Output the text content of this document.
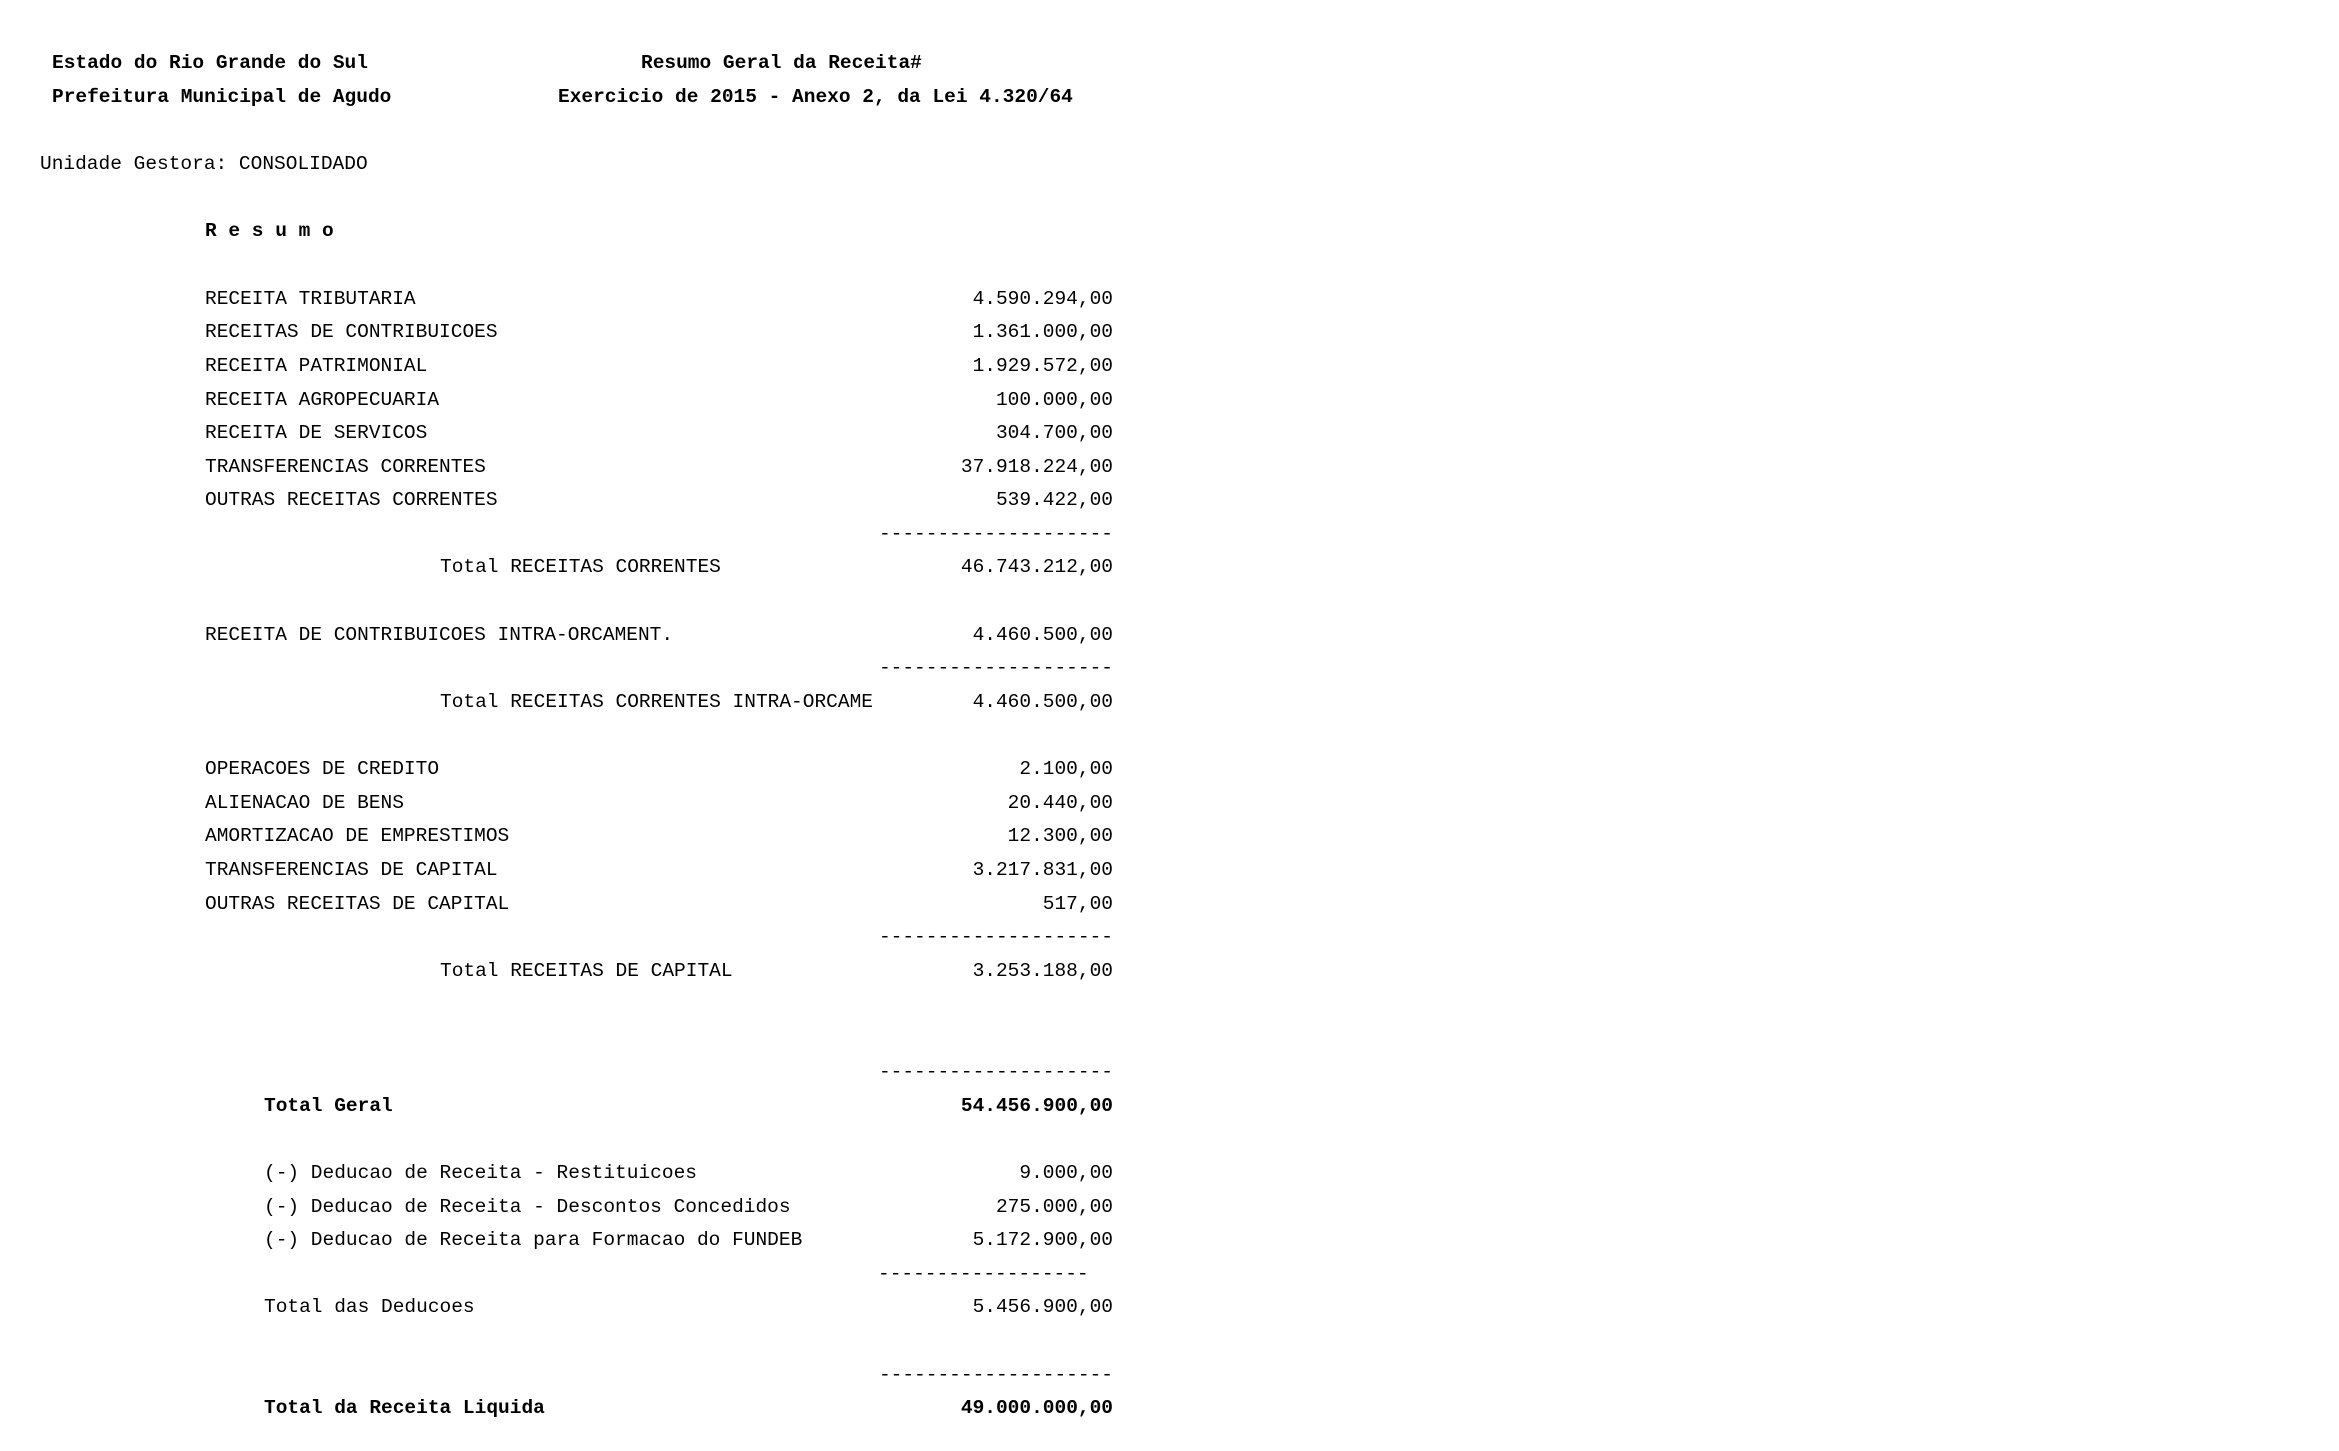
Estado do Rio Grande do Sul
Prefeitura Municipal de Agudo
Resumo Geral da Receita#
Exercicio de 2015 - Anexo 2, da Lei 4.320/64
Unidade Gestora: CONSOLIDADO
R e s u m o
RECEITA TRIBUTARIA	4.590.294,00
RECEITAS DE CONTRIBUICOES	1.361.000,00
RECEITA PATRIMONIAL	1.929.572,00
RECEITA AGROPECUARIA	100.000,00
RECEITA DE SERVICOS	304.700,00
TRANSFERENCIAS CORRENTES	37.918.224,00
OUTRAS RECEITAS CORRENTES	539.422,00
--------------------
Total RECEITAS CORRENTES	46.743.212,00
RECEITA DE CONTRIBUICOES INTRA-ORCAMENT.	4.460.500,00
--------------------
Total RECEITAS CORRENTES INTRA-ORCAME	4.460.500,00
OPERACOES DE CREDITO	2.100,00
ALIENACAO DE BENS	20.440,00
AMORTIZACAO DE EMPRESTIMOS	12.300,00
TRANSFERENCIAS DE CAPITAL	3.217.831,00
OUTRAS RECEITAS DE CAPITAL	517,00
--------------------
Total RECEITAS DE CAPITAL	3.253.188,00
--------------------
Total Geral	54.456.900,00
(-) Deducao de Receita - Restituicoes	9.000,00
(-) Deducao de Receita - Descontos Concedidos	275.000,00
(-) Deducao de Receita para Formacao do FUNDEB	5.172.900,00
------------------
Total das Deducoes	5.456.900,00
--------------------
Total da Receita Liquida	49.000.000,00
